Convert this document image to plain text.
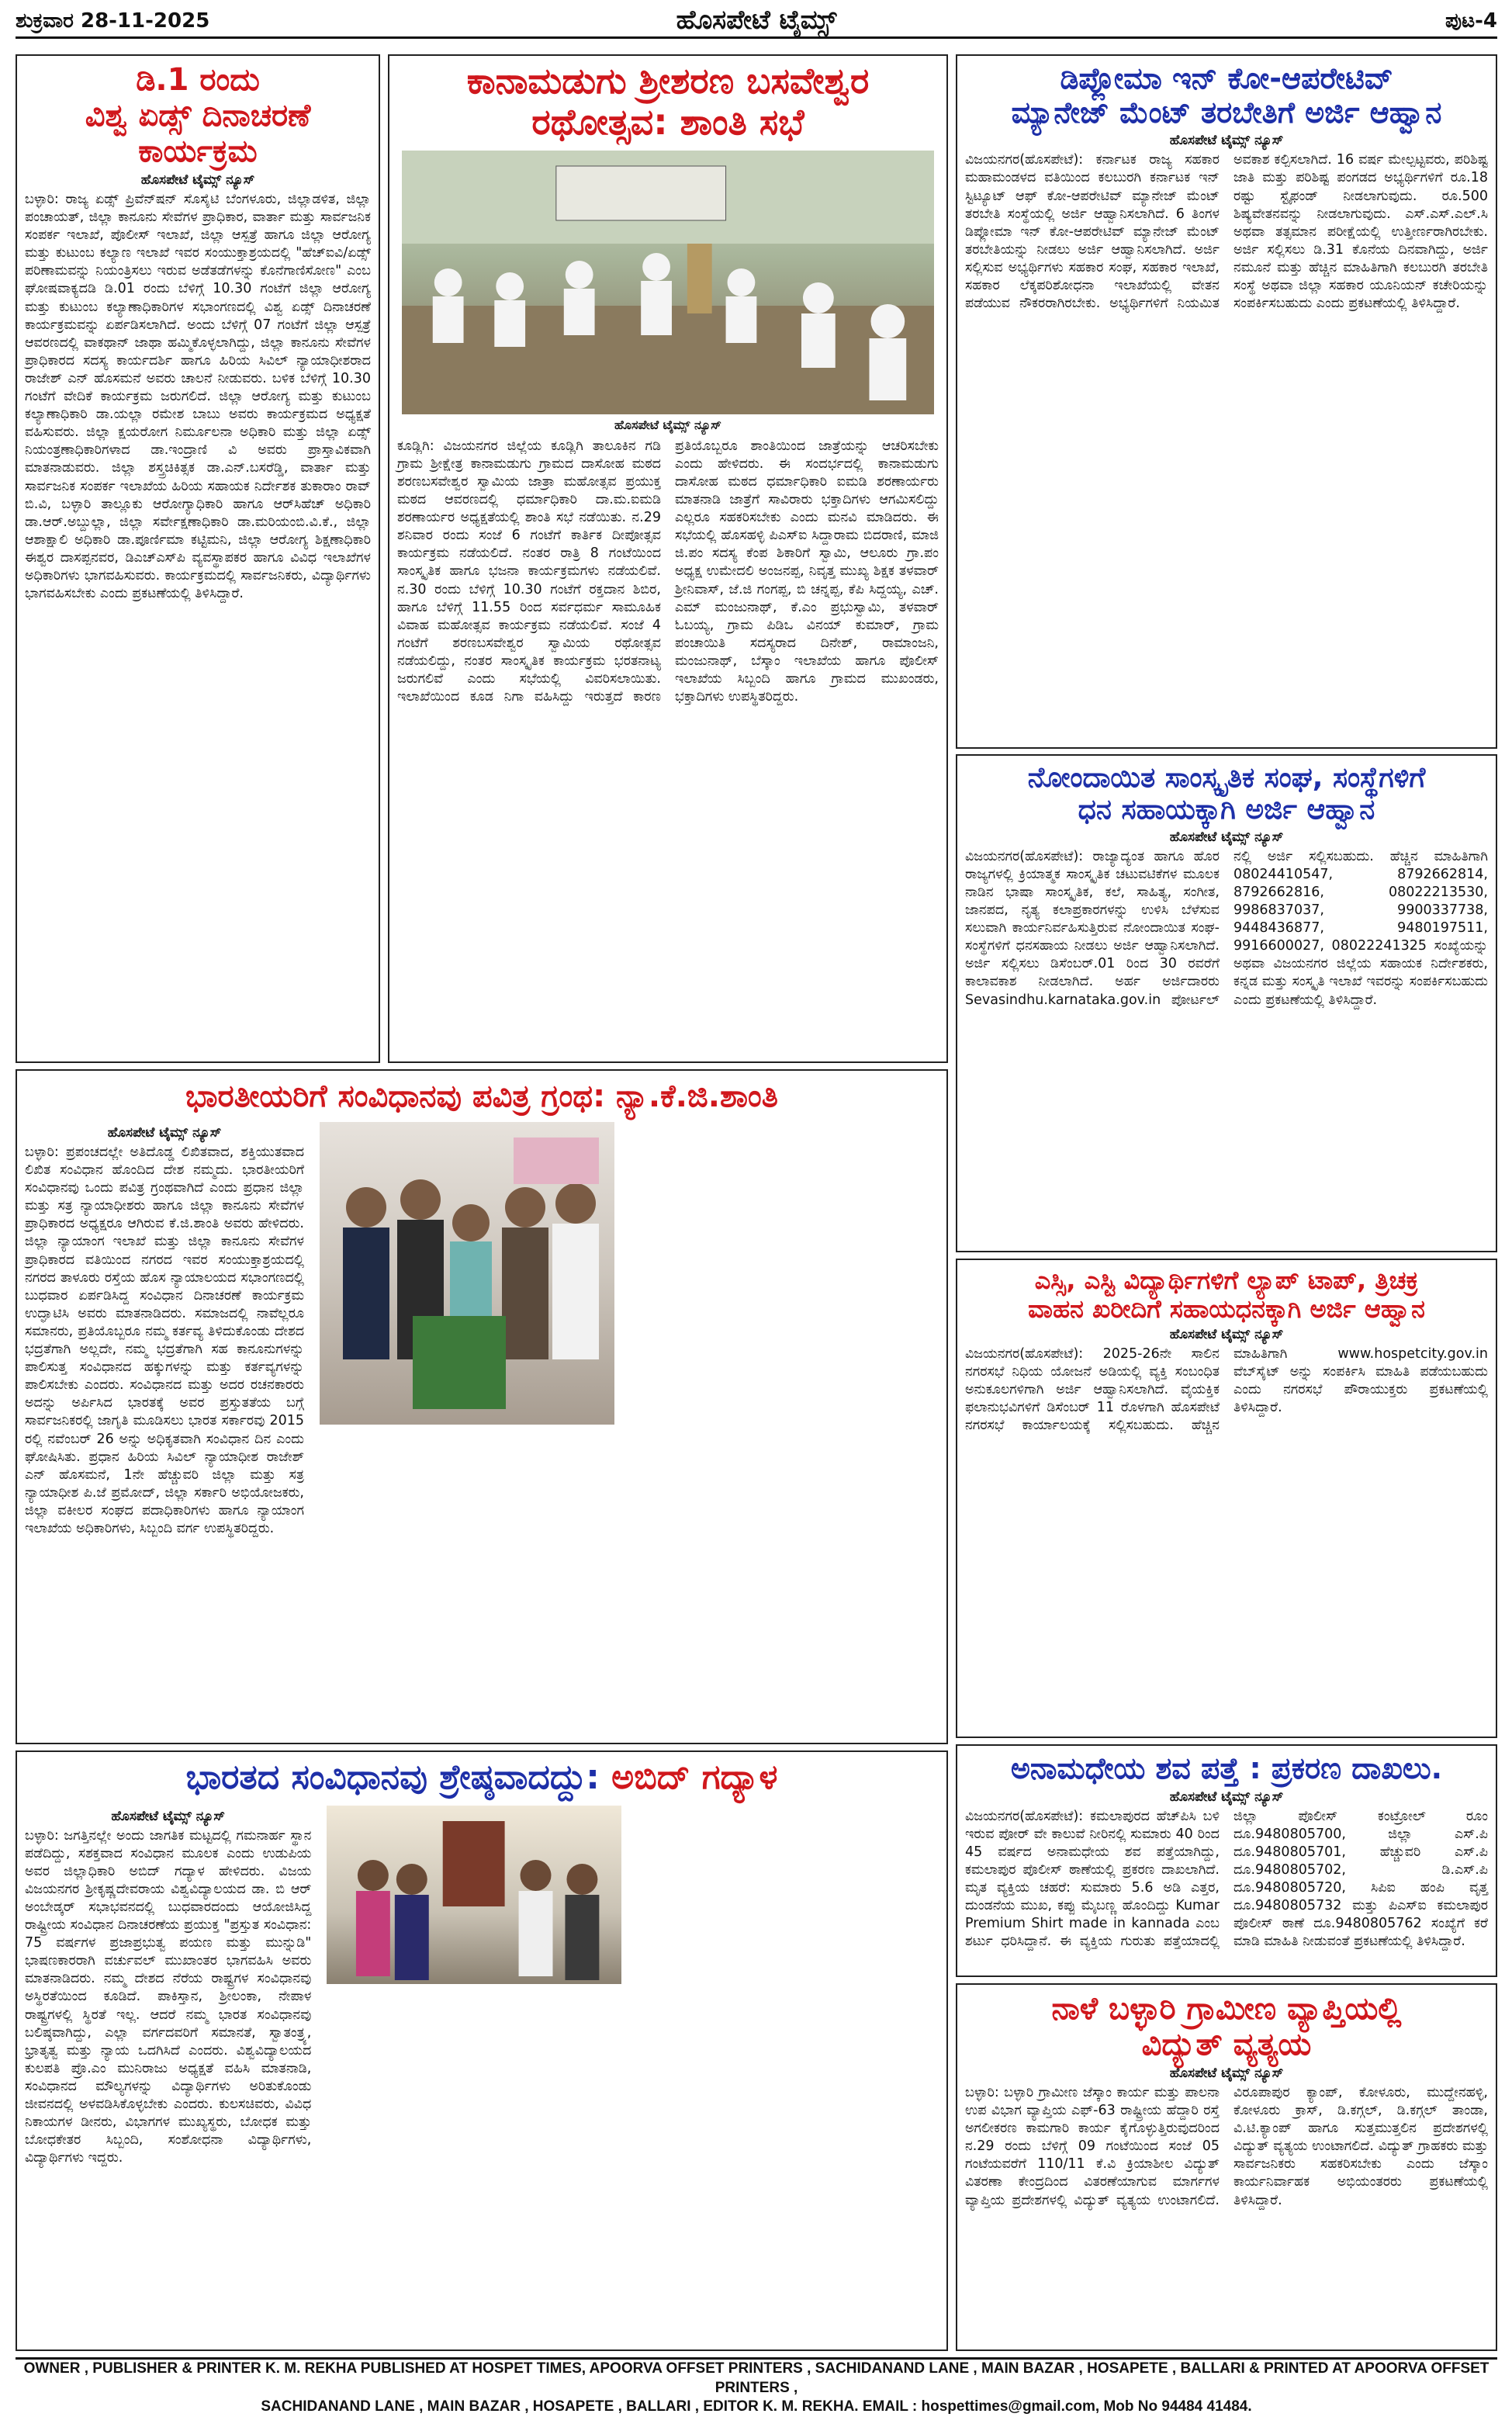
ಶುಕ್ರವಾರ 28-11-2025	ಹೊಸಪೇಟೆ ಟೈಮ್ಸ್	ಪುಟ-4
ಡಿ.1 ರಂದು
ವಿಶ್ವ ಏಡ್ಸ್ ದಿನಾಚರಣೆ
ಕಾರ್ಯಕ್ರಮ
ಹೊಸಪೇಟೆ ಟೈಮ್ಸ್ ನ್ಯೂಸ್
ಬಳ್ಳಾರಿ: ರಾಜ್ಯ ಏಡ್ಸ್ ಪ್ರಿವೆನ್‌ಷನ್ ಸೊಸೈಟಿ ಬೆಂಗಳೂರು, ಜಿಲ್ಲಾಡಳಿತ, ಜಿಲ್ಲಾ ಪಂಚಾಯತ್, ಜಿಲ್ಲಾ ಕಾನೂನು ಸೇವೆಗಳ ಪ್ರಾಧಿಕಾರ, ವಾರ್ತಾ ಮತ್ತು ಸಾರ್ವಜನಿಕ ಸಂಪರ್ಕ ಇಲಾಖೆ, ಪೊಲೀಸ್ ಇಲಾಖೆ, ಜಿಲ್ಲಾ ಆಸ್ಪತ್ರೆ ಹಾಗೂ ಜಿಲ್ಲಾ ಆರೋಗ್ಯ ಮತ್ತು ಕುಟುಂಬ ಕಲ್ಯಾಣ ಇಲಾಖೆ ಇವರ ಸಂಯುಕ್ತಾಶ್ರಯದಲ್ಲಿ "ಹೆಚ್‌ಐವಿ/ಏಡ್ಸ್ ಪರಿಣಾಮವನ್ನು ನಿಯಂತ್ರಿಸಲು ಇರುವ ಅಡೆತಡೆಗಳನ್ನು ಕೊನೆಗಾಣಿಸೋಣ" ಎಂಬ ಘೋಷವಾಕ್ಯದಡಿ ಡಿ.01 ರಂದು ಬೆಳಿಗ್ಗೆ 10.30 ಗಂಟೆಗೆ ಜಿಲ್ಲಾ ಆರೋಗ್ಯ ಮತ್ತು ಕುಟುಂಬ ಕಲ್ಯಾಣಾಧಿಕಾರಿಗಳ ಸಭಾಂಗಣದಲ್ಲಿ ವಿಶ್ವ ಏಡ್ಸ್ ದಿನಾಚರಣೆ ಕಾರ್ಯಕ್ರಮವನ್ನು ಏರ್ಪಡಿಸಲಾಗಿದೆ. ಅಂದು ಬೆಳಿಗ್ಗೆ 07 ಗಂಟೆಗೆ ಜಿಲ್ಲಾ ಆಸ್ಪತ್ರೆ ಆವರಣದಲ್ಲಿ ವಾಕಥಾನ್ ಜಾಥಾ ಹಮ್ಮಿಕೊಳ್ಳಲಾಗಿದ್ದು, ಜಿಲ್ಲಾ ಕಾನೂನು ಸೇವೆಗಳ ಪ್ರಾಧಿಕಾರದ ಸದಸ್ಯ ಕಾರ್ಯದರ್ಶಿ ಹಾಗೂ ಹಿರಿಯ ಸಿವಿಲ್ ನ್ಯಾಯಾಧೀಶರಾದ ರಾಜೇಶ್ ಎನ್ ಹೊಸಮನೆ ಅವರು ಚಾಲನೆ ನೀಡುವರು. ಬಳಿಕ ಬೆಳಿಗ್ಗೆ 10.30 ಗಂಟೆಗೆ ವೇದಿಕೆ ಕಾರ್ಯಕ್ರಮ ಜರುಗಲಿದೆ. ಜಿಲ್ಲಾ ಆರೋಗ್ಯ ಮತ್ತು ಕುಟುಂಬ ಕಲ್ಯಾಣಾಧಿಕಾರಿ ಡಾ.ಯಲ್ಲಾ ರಮೇಶ ಬಾಬು ಅವರು ಕಾರ್ಯಕ್ರಮದ ಅಧ್ಯಕ್ಷತೆ ವಹಿಸುವರು. ಜಿಲ್ಲಾ ಕ್ಷಯರೋಗ ನಿರ್ಮೂಲನಾ ಅಧಿಕಾರಿ ಮತ್ತು ಜಿಲ್ಲಾ ಏಡ್ಸ್ ನಿಯಂತ್ರಣಾಧಿಕಾರಿಗಳಾದ ಡಾ.ಇಂದ್ರಾಣಿ ವಿ ಅವರು ಪ್ರಾಸ್ತಾವಿಕವಾಗಿ ಮಾತನಾಡುವರು. ಜಿಲ್ಲಾ ಶಸ್ತ್ರಚಿಕಿತ್ಸಕ ಡಾ.ಎನ್.ಬಸರೆಡ್ಡಿ, ವಾರ್ತಾ ಮತ್ತು ಸಾರ್ವಜನಿಕ ಸಂಪರ್ಕ ಇಲಾಖೆಯ ಹಿರಿಯ ಸಹಾಯಕ ನಿರ್ದೇಶಕ ತುಕಾರಾಂ ರಾವ್ ಬಿ.ವಿ, ಬಳ್ಳಾರಿ ತಾಲ್ಲೂಕು ಆರೋಗ್ಯಾಧಿಕಾರಿ ಹಾಗೂ ಆರ್‌ಸಿಹೆಚ್ ಅಧಿಕಾರಿ ಡಾ.ಆರ್.ಅಬ್ದುಲ್ಲಾ, ಜಿಲ್ಲಾ ಸರ್ವೇಕ್ಷಣಾಧಿಕಾರಿ ಡಾ.ಮರಿಯಂಬಿ.ವಿ.ಕೆ., ಜಿಲ್ಲಾ ಆಶಾಕ್ಷಾಲಿ ಅಧಿಕಾರಿ ಡಾ.ಪೂರ್ಣಿಮಾ ಕಟ್ಟಿಮನಿ, ಜಿಲ್ಲಾ ಆರೋಗ್ಯ ಶಿಕ್ಷಣಾಧಿಕಾರಿ ಈಶ್ವರ ದಾಸಪ್ಪನವರ, ಡಿಎಚ್‌ಎಸ್‌ಪಿ ವ್ಯವಸ್ಥಾಪಕರ ಹಾಗೂ ವಿವಿಧ ಇಲಾಖೆಗಳ ಅಧಿಕಾರಿಗಳು ಭಾಗವಹಿಸುವರು. ಕಾರ್ಯಕ್ರಮದಲ್ಲಿ ಸಾರ್ವಜನಿಕರು, ವಿದ್ಯಾರ್ಥಿಗಳು ಭಾಗವಹಿಸಬೇಕು ಎಂದು ಪ್ರಕಟಣೆಯಲ್ಲಿ ತಿಳಿಸಿದ್ದಾರೆ.
ಕಾನಾಮಡುಗು ಶ್ರೀಶರಣ ಬಸವೇಶ್ವರ
ರಥೋತ್ಸವ: ಶಾಂತಿ ಸಭೆ
ಹೊಸಪೇಟೆ ಟೈಮ್ಸ್ ನ್ಯೂಸ್
ಕೂಡ್ಲಿಗಿ: ವಿಜಯನಗರ ಜಿಲ್ಲೆಯ ಕೂಡ್ಲಿಗಿ ತಾಲೂಕಿನ ಗಡಿ ಗ್ರಾಮ ಶ್ರೀಕ್ಷೇತ್ರ ಕಾನಾಮಡುಗು ಗ್ರಾಮದ ದಾಸೋಹ ಮಠದ ಶರಣಬಸವೇಶ್ವರ ಸ್ವಾಮಿಯ ಜಾತ್ರಾ ಮಹೋತ್ಸವ ಪ್ರಯುಕ್ತ ಮಠದ ಆವರಣದಲ್ಲಿ ಧರ್ಮಾಧಿಕಾರಿ ದಾ.ಮ.ಐಮಡಿ ಶರಣಾರ್ಯರ ಅಧ್ಯಕ್ಷತೆಯಲ್ಲಿ ಶಾಂತಿ ಸಭೆ ನಡೆಯಿತು. ನ.29 ಶನಿವಾರ ರಂದು ಸಂಜೆ 6 ಗಂಟೆಗೆ ಕಾರ್ತಿಕ ದೀಪೋತ್ಸವ ಕಾರ್ಯಕ್ರಮ ನಡೆಯಲಿದೆ. ನಂತರ ರಾತ್ರಿ 8 ಗಂಟೆಯಿಂದ ಸಾಂಸ್ಕೃತಿಕ ಹಾಗೂ ಭಜನಾ ಕಾರ್ಯಕ್ರಮಗಳು ನಡೆಯಲಿವೆ. ನ.30 ರಂದು ಬೆಳಿಗ್ಗೆ 10.30 ಗಂಟೆಗೆ ರಕ್ತದಾನ ಶಿಬಿರ, ಹಾಗೂ ಬೆಳಿಗ್ಗೆ 11.55 ರಿಂದ ಸರ್ವಧರ್ಮ ಸಾಮೂಹಿಕ ವಿವಾಹ ಮಹೋತ್ಸವ ಕಾರ್ಯಕ್ರಮ ನಡೆಯಲಿವೆ. ಸಂಜೆ 4 ಗಂಟೆಗೆ ಶರಣಬಸವೇಶ್ವರ ಸ್ವಾಮಿಯ ರಥೋತ್ಸವ ನಡೆಯಲಿದ್ದು, ನಂತರ ಸಾಂಸ್ಕೃತಿಕ ಕಾರ್ಯಕ್ರಮ ಭರತನಾಟ್ಯ ಜರುಗಲಿವೆ ಎಂದು ಸಭೆಯಲ್ಲಿ ವಿವರಿಸಲಾಯಿತು. ಇಲಾಖೆಯಿಂದ ಕೂಡ ನಿಗಾ ವಹಿಸಿದ್ದು ಇರುತ್ತದೆ ಕಾರಣ ಪ್ರತಿಯೊಬ್ಬರೂ ಶಾಂತಿಯಿಂದ ಜಾತ್ರೆಯನ್ನು ಆಚರಿಸಬೇಕು ಎಂದು ಹೇಳಿದರು. ಈ ಸಂದರ್ಭದಲ್ಲಿ ಕಾನಾಮಡುಗು ದಾಸೋಹ ಮಠದ ಧರ್ಮಾಧಿಕಾರಿ ಐಮಡಿ ಶರಣಾರ್ಯರು ಮಾತನಾಡಿ ಜಾತ್ರೆಗೆ ಸಾವಿರಾರು ಭಕ್ತಾದಿಗಳು ಆಗಮಿಸಲಿದ್ದು ಎಲ್ಲರೂ ಸಹಕರಿಸಬೇಕು ಎಂದು ಮನವಿ ಮಾಡಿದರು. ಈ ಸಭೆಯಲ್ಲಿ ಹೊಸಹಳ್ಳಿ ಪಿಎಸ್‌ಐ ಸಿದ್ದಾರಾಮ ಬಿದರಾಣಿ, ಮಾಜಿ ಜಿ.ಪಂ ಸದಸ್ಯ ಕೆಂಪ ಶಿಕಾರಿಗೆ ಸ್ವಾಮಿ, ಆಲೂರು ಗ್ರಾ.ಪಂ ಅಧ್ಯಕ್ಷ ಉಮೇದಲಿ ಅಂಜನಪ್ಪ, ನಿವೃತ್ತ ಮುಖ್ಯ ಶಿಕ್ಷಕ ತಳವಾರ್ ಶ್ರೀನಿವಾಸ್, ಜೆ.ಜಿ ಗಂಗಪ್ಪ, ಬಿ ಚನ್ನಪ್ಪ, ಕೆಪಿ ಸಿದ್ದಯ್ಯ, ಎಚ್. ಎಮ್ ಮಂಜುನಾಥ್, ಕೆ.ಎಂ ಪ್ರಭುಸ್ವಾಮಿ, ತಳವಾರ್ ಓಬಯ್ಯ, ಗ್ರಾಮ ಪಿಡಿಒ ವಿನಯ್ ಕುಮಾರ್, ಗ್ರಾಮ ಪಂಚಾಯಿತಿ ಸದಸ್ಯರಾದ ದಿನೇಶ್, ರಾಮಾಂಜನಿ, ಮಂಜುನಾಥ್, ಬೆಸ್ಕಾಂ ಇಲಾಖೆಯ ಹಾಗೂ ಪೊಲೀಸ್ ಇಲಾಖೆಯ ಸಿಬ್ಬಂದಿ ಹಾಗೂ ಗ್ರಾಮದ ಮುಖಂಡರು, ಭಕ್ತಾದಿಗಳು ಉಪಸ್ಥಿತರಿದ್ದರು.
ಡಿಪ್ಲೋಮಾ ಇನ್ ಕೋ-ಆಪರೇಟಿವ್
ಮ್ಯಾನೇಜ್ ಮೆಂಟ್ ತರಬೇತಿಗೆ ಅರ್ಜಿ ಆಹ್ವಾನ
ಹೊಸಪೇಟೆ ಟೈಮ್ಸ್ ನ್ಯೂಸ್
ವಿಜಯನಗರ(ಹೊಸಪೇಟೆ): ಕರ್ನಾಟಕ ರಾಜ್ಯ ಸಹಕಾರ ಮಹಾಮಂಡಳದ ವತಿಯಿಂದ ಕಲಬುರಗಿ ಕರ್ನಾಟಕ ಇನ್ ಸ್ಟಿಟ್ಯೂಟ್ ಆಫ್ ಕೋ-ಆಪರೇಟಿವ್ ಮ್ಯಾನೇಜ್ ಮೆಂಟ್ ತರಬೇತಿ ಸಂಸ್ಥೆಯಲ್ಲಿ ಅರ್ಜಿ ಆಹ್ವಾನಿಸಲಾಗಿದೆ. 6 ತಿಂಗಳ ಡಿಪ್ಲೋಮಾ ಇನ್ ಕೋ-ಆಪರೇಟಿವ್ ಮ್ಯಾನೇಜ್ ಮೆಂಟ್ ತರಬೇತಿಯನ್ನು ನೀಡಲು ಅರ್ಜಿ ಆಹ್ವಾನಿಸಲಾಗಿದೆ. ಅರ್ಜಿ ಸಲ್ಲಿಸುವ ಅಭ್ಯರ್ಥಿಗಳು ಸಹಕಾರ ಸಂಘ, ಸಹಕಾರ ಇಲಾಖೆ, ಸಹಕಾರ ಲೆಕ್ಕಪರಿಶೋಧನಾ ಇಲಾಖೆಯಲ್ಲಿ ವೇತನ ಪಡೆಯುವ ನೌಕರರಾಗಿರಬೇಕು. ಅಭ್ಯರ್ಥಿಗಳಿಗೆ ನಿಯಮಿತ ಅವಕಾಶ ಕಲ್ಪಿಸಲಾಗಿದೆ. 16 ವರ್ಷ ಮೇಲ್ಪಟ್ಟವರು, ಪರಿಶಿಷ್ಟ ಜಾತಿ ಮತ್ತು ಪರಿಶಿಷ್ಟ ಪಂಗಡದ ಅಭ್ಯರ್ಥಿಗಳಿಗೆ ರೂ.18 ರಷ್ಟು ಸ್ಟೈಫಂಡ್ ನೀಡಲಾಗುವುದು. ರೂ.500 ಶಿಷ್ಯವೇತನವನ್ನು ನೀಡಲಾಗುವುದು. ಎಸ್.ಎಸ್.ಎಲ್.ಸಿ ಅಥವಾ ತತ್ಸಮಾನ ಪರೀಕ್ಷೆಯಲ್ಲಿ ಉತ್ತೀರ್ಣರಾಗಿರಬೇಕು. ಅರ್ಜಿ ಸಲ್ಲಿಸಲು ಡಿ.31 ಕೊನೆಯ ದಿನವಾಗಿದ್ದು, ಅರ್ಜಿ ನಮೂನೆ ಮತ್ತು ಹೆಚ್ಚಿನ ಮಾಹಿತಿಗಾಗಿ ಕಲಬುರಗಿ ತರಬೇತಿ ಸಂಸ್ಥೆ ಅಥವಾ ಜಿಲ್ಲಾ ಸಹಕಾರ ಯೂನಿಯನ್ ಕಚೇರಿಯನ್ನು ಸಂಪರ್ಕಿಸಬಹುದು ಎಂದು ಪ್ರಕಟಣೆಯಲ್ಲಿ ತಿಳಿಸಿದ್ದಾರೆ.
ನೋಂದಾಯಿತ ಸಾಂಸ್ಕೃತಿಕ ಸಂಘ, ಸಂಸ್ಥೆಗಳಿಗೆ
ಧನ ಸಹಾಯಕ್ಕಾಗಿ ಅರ್ಜಿ ಆಹ್ವಾನ
ಹೊಸಪೇಟೆ ಟೈಮ್ಸ್ ನ್ಯೂಸ್
ವಿಜಯನಗರ(ಹೊಸಪೇಟೆ): ರಾಜ್ಯಾದ್ಯಂತ ಹಾಗೂ ಹೊರ ರಾಜ್ಯಗಳಲ್ಲಿ ಕ್ರಿಯಾತ್ಮಕ ಸಾಂಸ್ಕೃತಿಕ ಚಟುವಟಿಕೆಗಳ ಮೂಲಕ ನಾಡಿನ ಭಾಷಾ ಸಾಂಸ್ಕೃತಿಕ, ಕಲೆ, ಸಾಹಿತ್ಯ, ಸಂಗೀತ, ಜಾನಪದ, ನೃತ್ಯ ಕಲಾಪ್ರಕಾರಗಳನ್ನು ಉಳಿಸಿ ಬೆಳೆಸುವ ಸಲುವಾಗಿ ಕಾರ್ಯನಿರ್ವಹಿಸುತ್ತಿರುವ ನೋಂದಾಯಿತ ಸಂಘ-ಸಂಸ್ಥೆಗಳಿಗೆ ಧನಸಹಾಯ ನೀಡಲು ಅರ್ಜಿ ಆಹ್ವಾನಿಸಲಾಗಿದೆ. ಅರ್ಜಿ ಸಲ್ಲಿಸಲು ಡಿಸೆಂಬರ್.01 ರಿಂದ 30 ರವರೆಗೆ ಕಾಲಾವಕಾಶ ನೀಡಲಾಗಿದೆ. ಅರ್ಹ ಅರ್ಜಿದಾರರು Sevasindhu.karnataka.gov.in ಪೋರ್ಟಲ್ ನಲ್ಲಿ ಅರ್ಜಿ ಸಲ್ಲಿಸಬಹುದು. ಹೆಚ್ಚಿನ ಮಾಹಿತಿಗಾಗಿ 08024410547, 8792662814, 8792662816, 08022213530, 9986837037, 9900337738, 9448436877, 9480197511, 9916600027, 08022241325 ಸಂಖ್ಯೆಯನ್ನು ಅಥವಾ ವಿಜಯನಗರ ಜಿಲ್ಲೆಯ ಸಹಾಯಕ ನಿರ್ದೇಶಕರು, ಕನ್ನಡ ಮತ್ತು ಸಂಸ್ಕೃತಿ ಇಲಾಖೆ ಇವರನ್ನು ಸಂಪರ್ಕಿಸಬಹುದು ಎಂದು ಪ್ರಕಟಣೆಯಲ್ಲಿ ತಿಳಿಸಿದ್ದಾರೆ.
ಭಾರತೀಯರಿಗೆ ಸಂವಿಧಾನವು ಪವಿತ್ರ ಗ್ರಂಥ: ನ್ಯಾ.ಕೆ.ಜಿ.ಶಾಂತಿ
ಹೊಸಪೇಟೆ ಟೈಮ್ಸ್ ನ್ಯೂಸ್
ಬಳ್ಳಾರಿ: ಪ್ರಪಂಚದಲ್ಲೇ ಅತಿದೊಡ್ಡ ಲಿಖಿತವಾದ, ಶಕ್ತಿಯುತವಾದ ಲಿಖಿತ ಸಂವಿಧಾನ ಹೊಂದಿದ ದೇಶ ನಮ್ಮದು. ಭಾರತೀಯರಿಗೆ ಸಂವಿಧಾನವು ಒಂದು ಪವಿತ್ರ ಗ್ರಂಥವಾಗಿದೆ ಎಂದು ಪ್ರಧಾನ ಜಿಲ್ಲಾ ಮತ್ತು ಸತ್ರ ನ್ಯಾಯಾಧೀಶರು ಹಾಗೂ ಜಿಲ್ಲಾ ಕಾನೂನು ಸೇವೆಗಳ ಪ್ರಾಧಿಕಾರದ ಅಧ್ಯಕ್ಷರೂ ಆಗಿರುವ ಕೆ.ಜಿ.ಶಾಂತಿ ಅವರು ಹೇಳಿದರು. ಜಿಲ್ಲಾ ನ್ಯಾಯಾಂಗ ಇಲಾಖೆ ಮತ್ತು ಜಿಲ್ಲಾ ಕಾನೂನು ಸೇವೆಗಳ ಪ್ರಾಧಿಕಾರದ ವತಿಯಿಂದ ನಗರದ ಇವರ ಸಂಯುಕ್ತಾಶ್ರಯದಲ್ಲಿ ನಗರದ ತಾಳೂರು ರಸ್ತೆಯ ಹೊಸ ನ್ಯಾಯಾಲಯದ ಸಭಾಂಗಣದಲ್ಲಿ ಬುಧವಾರ ಏರ್ಪಡಿಸಿದ್ದ ಸಂವಿಧಾನ ದಿನಾಚರಣೆ ಕಾರ್ಯಕ್ರಮ ಉದ್ಘಾಟಿಸಿ ಅವರು ಮಾತನಾಡಿದರು. ಸಮಾಜದಲ್ಲಿ ನಾವೆಲ್ಲರೂ ಸಮಾನರು, ಪ್ರತಿಯೊಬ್ಬರೂ ನಮ್ಮ ಕರ್ತವ್ಯ ತಿಳಿದುಕೊಂಡು ದೇಶದ ಭದ್ರತೆಗಾಗಿ ಅಲ್ಲದೇ, ನಮ್ಮ ಭದ್ರತೆಗಾಗಿ ಸಹ ಕಾನೂನುಗಳನ್ನು ಪಾಲಿಸುತ್ತ ಸಂವಿಧಾನದ ಹಕ್ಕುಗಳನ್ನು ಮತ್ತು ಕರ್ತವ್ಯಗಳನ್ನು ಪಾಲಿಸಬೇಕು ಎಂದರು. ಸಂವಿಧಾನದ ಮತ್ತು ಅದರ ರಚನಕಾರರು ಅದನ್ನು ಅರ್ಪಿಸಿದ ಭಾರತಕ್ಕೆ ಅವರ ಪ್ರಸ್ತುತತೆಯ ಬಗ್ಗೆ ಸಾರ್ವಜನಿಕರಲ್ಲಿ ಜಾಗೃತಿ ಮೂಡಿಸಲು ಭಾರತ ಸರ್ಕಾರವು 2015 ರಲ್ಲಿ ನವೆಂಬರ್ 26 ಅನ್ನು ಅಧಿಕೃತವಾಗಿ ಸಂವಿಧಾನ ದಿನ ಎಂದು ಘೋಷಿಸಿತು. ಪ್ರಧಾನ ಹಿರಿಯ ಸಿವಿಲ್ ನ್ಯಾಯಾಧೀಶ ರಾಜೇಶ್ ಎನ್ ಹೊಸಮನೆ, 1ನೇ ಹೆಚ್ಚುವರಿ ಜಿಲ್ಲಾ ಮತ್ತು ಸತ್ರ ನ್ಯಾಯಾಧೀಶ ಪಿ.ಜೆ ಪ್ರಮೋದ್, ಜಿಲ್ಲಾ ಸರ್ಕಾರಿ ಅಭಿಯೋಜಕರು, ಜಿಲ್ಲಾ ವಕೀಲರ ಸಂಘದ ಪದಾಧಿಕಾರಿಗಳು ಹಾಗೂ ನ್ಯಾಯಾಂಗ ಇಲಾಖೆಯ ಅಧಿಕಾರಿಗಳು, ಸಿಬ್ಬಂದಿ ವರ್ಗ ಉಪಸ್ಥಿತರಿದ್ದರು.
ಎಸ್ಸಿ, ಎಸ್ಟಿ ವಿದ್ಯಾರ್ಥಿಗಳಿಗೆ ಲ್ಯಾಪ್ ಟಾಪ್, ತ್ರಿಚಕ್ರ
ವಾಹನ ಖರೀದಿಗೆ ಸಹಾಯಧನಕ್ಕಾಗಿ ಅರ್ಜಿ ಆಹ್ವಾನ
ಹೊಸಪೇಟೆ ಟೈಮ್ಸ್ ನ್ಯೂಸ್
ವಿಜಯನಗರ(ಹೊಸಪೇಟೆ): 2025-26ನೇ ಸಾಲಿನ ನಗರಸಭೆ ನಿಧಿಯ ಯೋಜನೆ ಅಡಿಯಲ್ಲಿ ವ್ಯಕ್ತಿ ಸಂಬಂಧಿತ ಅನುಕೂಲಗಳಿಗಾಗಿ ಅರ್ಜಿ ಆಹ್ವಾನಿಸಲಾಗಿದೆ. ವೈಯಕ್ತಿಕ ಫಲಾನುಭವಿಗಳಿಗೆ ಡಿಸೆಂಬರ್ 11 ರೊಳಗಾಗಿ ಹೊಸಪೇಟೆ ನಗರಸಭೆ ಕಾರ್ಯಾಲಯಕ್ಕೆ ಸಲ್ಲಿಸಬಹುದು. ಹೆಚ್ಚಿನ ಮಾಹಿತಿಗಾಗಿ www.hospetcity.gov.in ವೆಬ್‌ಸೈಟ್ ಅನ್ನು ಸಂಪರ್ಕಿಸಿ ಮಾಹಿತಿ ಪಡೆಯಬಹುದು ಎಂದು ನಗರಸಭೆ ಪೌರಾಯುಕ್ತರು ಪ್ರಕಟಣೆಯಲ್ಲಿ ತಿಳಿಸಿದ್ದಾರೆ.
ಭಾರತದ ಸಂವಿಧಾನವು ಶ್ರೇಷ್ಠವಾದದ್ದು: ಅಬಿದ್ ಗದ್ಯಾಳ
ಹೊಸಪೇಟೆ ಟೈಮ್ಸ್ ನ್ಯೂಸ್
ಬಳ್ಳಾರಿ: ಜಗತ್ತಿನಲ್ಲೇ ಅಂದು ಜಾಗತಿಕ ಮಟ್ಟದಲ್ಲಿ ಗಮನಾರ್ಹ ಸ್ಥಾನ ಪಡೆದಿದ್ದು, ಸಶಕ್ತವಾದ ಸಂವಿಧಾನ ಮೂಲಕ ಎಂದು ಉಡುಪಿಯ ಅವರ ಜಿಲ್ಲಾಧಿಕಾರಿ ಅಬಿದ್ ಗದ್ಯಾಳ ಹೇಳಿದರು. ವಿಜಯ ವಿಜಯನಗರ ಶ್ರೀಕೃಷ್ಣದೇವರಾಯ ವಿಶ್ವವಿದ್ಯಾಲಯದ ಡಾ. ಬಿ ಆರ್ ಅಂಬೇಡ್ಕರ್ ಸಭಾಭವನದಲ್ಲಿ ಬುಧವಾರದಂದು ಆಯೋಜಿಸಿದ್ದ ರಾಷ್ಟ್ರೀಯ ಸಂವಿಧಾನ ದಿನಾಚರಣೆಯ ಪ್ರಯುಕ್ತ "ಪ್ರಸ್ತುತ ಸಂವಿಧಾನ: 75 ವರ್ಷಗಳ ಪ್ರಜಾಪ್ರಭುತ್ವ ಪಯಣ ಮತ್ತು ಮುನ್ನುಡಿ" ಭಾಷಣಕಾರರಾಗಿ ವರ್ಚುವಲ್ ಮುಖಾಂತರ ಭಾಗವಹಿಸಿ ಅವರು ಮಾತನಾಡಿದರು. ನಮ್ಮ ದೇಶದ ನೆರೆಯ ರಾಷ್ಟ್ರಗಳ ಸಂವಿಧಾನವು ಅಸ್ಥಿರತೆಯಿಂದ ಕೂಡಿದೆ. ಪಾಕಿಸ್ತಾನ, ಶ್ರೀಲಂಕಾ, ನೇಪಾಳ ರಾಷ್ಟ್ರಗಳಲ್ಲಿ ಸ್ಥಿರತೆ ಇಲ್ಲ. ಆದರೆ ನಮ್ಮ ಭಾರತ ಸಂವಿಧಾನವು ಬಲಿಷ್ಠವಾಗಿದ್ದು, ಎಲ್ಲಾ ವರ್ಗದವರಿಗೆ ಸಮಾನತೆ, ಸ್ವಾತಂತ್ರ್ಯ, ಭ್ರಾತೃತ್ವ ಮತ್ತು ನ್ಯಾಯ ಒದಗಿಸಿದೆ ಎಂದರು. ವಿಶ್ವವಿದ್ಯಾಲಯದ ಕುಲಪತಿ ಪ್ರೊ.ಎಂ ಮುನಿರಾಜು ಅಧ್ಯಕ್ಷತೆ ವಹಿಸಿ ಮಾತನಾಡಿ, ಸಂವಿಧಾನದ ಮೌಲ್ಯಗಳನ್ನು ವಿದ್ಯಾರ್ಥಿಗಳು ಅರಿತುಕೊಂಡು ಜೀವನದಲ್ಲಿ ಅಳವಡಿಸಿಕೊಳ್ಳಬೇಕು ಎಂದರು. ಕುಲಸಚಿವರು, ವಿವಿಧ ನಿಕಾಯಗಳ ಡೀನರು, ವಿಭಾಗಗಳ ಮುಖ್ಯಸ್ಥರು, ಬೋಧಕ ಮತ್ತು ಬೋಧಕೇತರ ಸಿಬ್ಬಂದಿ, ಸಂಶೋಧನಾ ವಿದ್ಯಾರ್ಥಿಗಳು, ವಿದ್ಯಾರ್ಥಿಗಳು ಇದ್ದರು.
ಅನಾಮಧೇಯ ಶವ ಪತ್ತೆ : ಪ್ರಕರಣ ದಾಖಲು.
ಹೊಸಪೇಟೆ ಟೈಮ್ಸ್ ನ್ಯೂಸ್
ವಿಜಯನಗರ(ಹೊಸಪೇಟೆ): ಕಮಲಾಪುರದ ಹೆಚ್‌ಪಿಸಿ ಬಳಿ ಇರುವ ಪೋರ್ ವೇ ಕಾಲುವೆ ನೀರಿನಲ್ಲಿ ಸುಮಾರು 40 ರಿಂದ 45 ವರ್ಷದ ಅನಾಮಧೇಯ ಶವ ಪತ್ತೆಯಾಗಿದ್ದು, ಕಮಲಾಪುರ ಪೊಲೀಸ್ ಠಾಣೆಯಲ್ಲಿ ಪ್ರಕರಣ ದಾಖಲಾಗಿದೆ. ಮೃತ ವ್ಯಕ್ತಿಯ ಚಹರೆ: ಸುಮಾರು 5.6 ಅಡಿ ಎತ್ತರ, ದುಂಡನೆಯ ಮುಖ, ಕಪ್ಪು ಮೈಬಣ್ಣ ಹೊಂದಿದ್ದು Kumar Premium Shirt made in kannada ಎಂಬ ಶರ್ಟು ಧರಿಸಿದ್ದಾನೆ. ಈ ವ್ಯಕ್ತಿಯ ಗುರುತು ಪತ್ತೆಯಾದಲ್ಲಿ ಜಿಲ್ಲಾ ಪೊಲೀಸ್ ಕಂಟ್ರೋಲ್ ರೂಂ ದೂ.9480805700, ಜಿಲ್ಲಾ ಎಸ್.ಪಿ ದೂ.9480805701, ಹೆಚ್ಚುವರಿ ಎಸ್.ಪಿ ದೂ.9480805702, ಡಿ.ಎಸ್.ಪಿ ದೂ.9480805720, ಸಿಪಿಐ ಹಂಪಿ ವೃತ್ತ ದೂ.9480805732 ಮತ್ತು ಪಿಎಸ್‌ಐ ಕಮಲಾಪುರ ಪೊಲೀಸ್ ಠಾಣೆ ದೂ.9480805762 ಸಂಖ್ಯೆಗೆ ಕರೆ ಮಾಡಿ ಮಾಹಿತಿ ನೀಡುವಂತೆ ಪ್ರಕಟಣೆಯಲ್ಲಿ ತಿಳಿಸಿದ್ದಾರೆ.
ನಾಳೆ ಬಳ್ಳಾರಿ ಗ್ರಾಮೀಣ ವ್ಯಾಪ್ತಿಯಲ್ಲಿ
ವಿದ್ಯುತ್ ವ್ಯತ್ಯಯ
ಹೊಸಪೇಟೆ ಟೈಮ್ಸ್ ನ್ಯೂಸ್
ಬಳ್ಳಾರಿ: ಬಳ್ಳಾರಿ ಗ್ರಾಮೀಣ ಜೆಸ್ಕಾಂ ಕಾರ್ಯ ಮತ್ತು ಪಾಲನಾ ಉಪ ವಿಭಾಗ ವ್ಯಾಪ್ತಿಯ ಎಫ್-63 ರಾಷ್ಟ್ರೀಯ ಹೆದ್ದಾರಿ ರಸ್ತೆ ಅಗಲೀಕರಣ ಕಾಮಗಾರಿ ಕಾರ್ಯ ಕೈಗೊಳ್ಳುತ್ತಿರುವುದರಿಂದ ನ.29 ರಂದು ಬೆಳಿಗ್ಗೆ 09 ಗಂಟೆಯಿಂದ ಸಂಜೆ 05 ಗಂಟೆಯವರೆಗೆ 110/11 ಕೆ.ವಿ ಕ್ರಿಯಾಶೀಲ ವಿದ್ಯುತ್ ವಿತರಣಾ ಕೇಂದ್ರದಿಂದ ವಿತರಣೆಯಾಗುವ ಮಾರ್ಗಗಳ ವ್ಯಾಪ್ತಿಯ ಪ್ರದೇಶಗಳಲ್ಲಿ ವಿದ್ಯುತ್ ವ್ಯತ್ಯಯ ಉಂಟಾಗಲಿದೆ. ವಿರೂಪಾಪುರ ಕ್ಯಾಂಪ್, ಕೋಳೂರು, ಮುದ್ದೇನಹಳ್ಳಿ, ಕೋಳೂರು ಕ್ರಾಸ್, ಡಿ.ಕಗ್ಗಲ್, ಡಿ.ಕಗ್ಗಲ್ ತಾಂಡಾ, ವಿ.ಟಿ.ಕ್ಯಾಂಪ್ ಹಾಗೂ ಸುತ್ತಮುತ್ತಲಿನ ಪ್ರದೇಶಗಳಲ್ಲಿ ವಿದ್ಯುತ್ ವ್ಯತ್ಯಯ ಉಂಟಾಗಲಿದೆ. ವಿದ್ಯುತ್ ಗ್ರಾಹಕರು ಮತ್ತು ಸಾರ್ವಜನಿಕರು ಸಹಕರಿಸಬೇಕು ಎಂದು ಜೆಸ್ಕಾಂ ಕಾರ್ಯನಿರ್ವಾಹಕ ಅಭಿಯಂತರರು ಪ್ರಕಟಣೆಯಲ್ಲಿ ತಿಳಿಸಿದ್ದಾರೆ.
OWNER , PUBLISHER & PRINTER K. M. REKHA PUBLISHED AT HOSPET TIMES, APOORVA OFFSET PRINTERS , SACHIDANAND LANE , MAIN BAZAR , HOSAPETE , BALLARI & PRINTED AT APOORVA OFFSET PRINTERS ,
SACHIDANAND LANE , MAIN BAZAR , HOSAPETE , BALLARI , EDITOR K. M. REKHA. EMAIL : hospettimes@gmail.com, Mob No 94484 41484.
